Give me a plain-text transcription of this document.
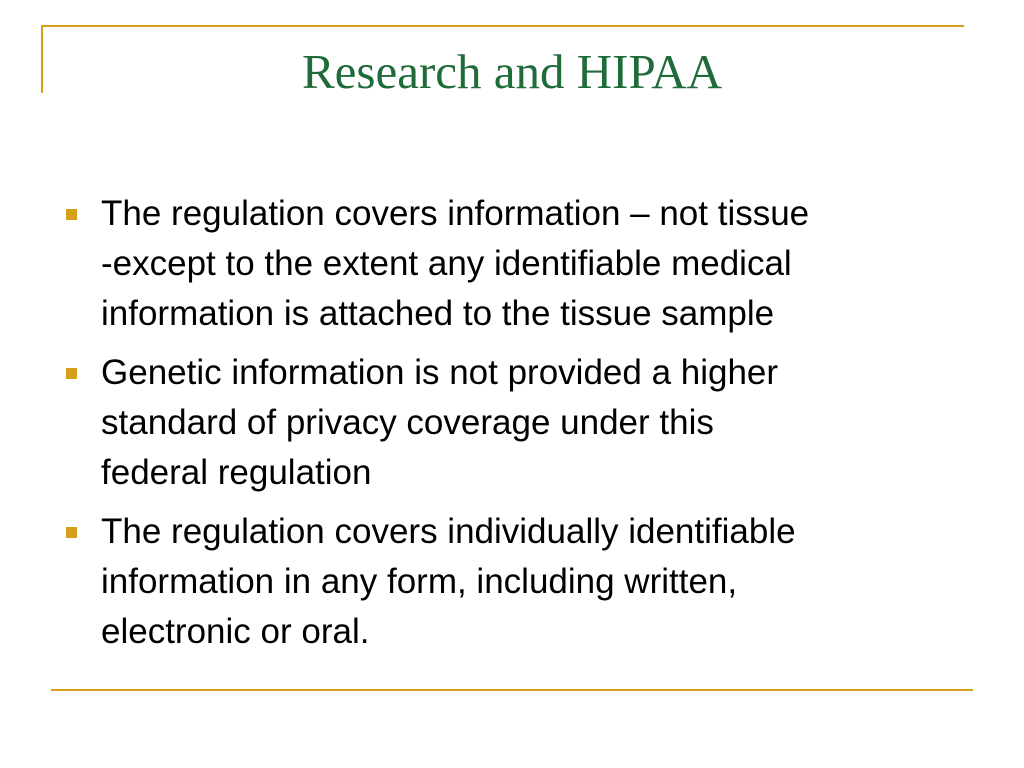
Research and HIPAA
The regulation covers information – not tissue
-except to the extent any identifiable medical
information is attached to the tissue sample
Genetic information is not provided a higher
standard of privacy coverage under this
federal regulation
The regulation covers individually identifiable
information in any form, including written,
electronic or oral.
